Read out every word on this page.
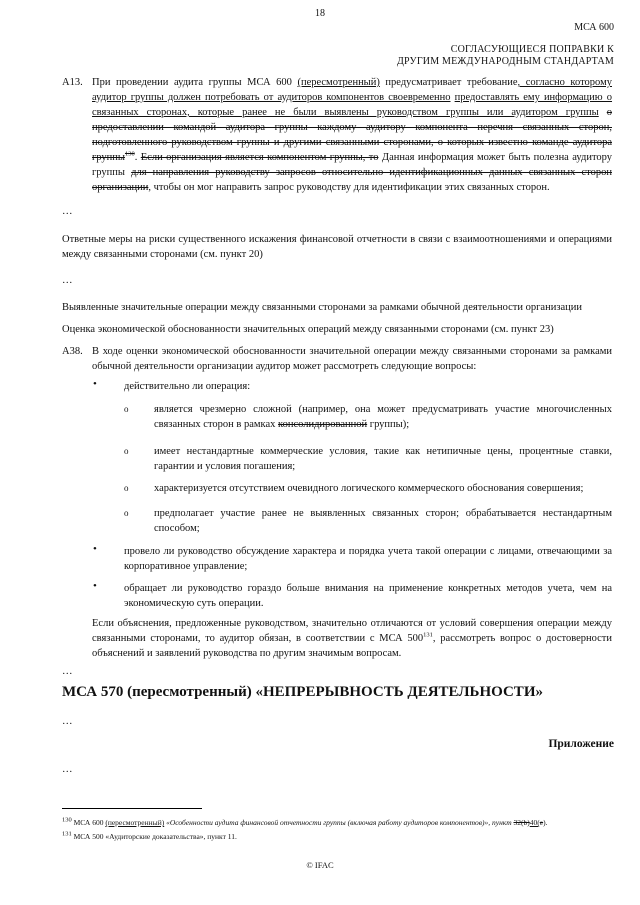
18
МСА 600
СОГЛАСУЮЩИЕСЯ ПОПРАВКИ К
ДРУГИМ МЕЖДУНАРОДНЫМ СТАНДАРТАМ
A13. При проведении аудита группы МСА 600 (пересмотренный) предусматривает требование, согласно которому аудитор группы должен потребовать от аудиторов компонентов своевременно предоставлять ему информацию о связанных сторонах, которые ранее не были выявлены руководством группы или аудитором группы о предоставлении командой аудитора группы каждому аудитору компонента перечня связанных сторон, подготовленного руководством группы и другими связанными сторонами, о которых известно команде аудитора группы$^{130}$. Если организация является компонентом группы, то Данная информация может быть полезна аудитору группы для направления руководству запросов относительно идентификационных данных связанных сторон организации, чтобы он мог направить запрос руководству для идентификации этих связанных сторон.
…
Ответные меры на риски существенного искажения финансовой отчетности в связи с взаимоотношениями и операциями между связанными сторонами (см. пункт 20)
…
Выявленные значительные операции между связанными сторонами за рамками обычной деятельности организации
Оценка экономической обоснованности значительных операций между связанными сторонами (см. пункт 23)
A38. В ходе оценки экономической обоснованности значительной операции между связанными сторонами за рамками обычной деятельности организации аудитор может рассмотреть следующие вопросы:
•	действительно ли операция:
o является чрезмерно сложной (например, она может предусматривать участие многочисленных связанных сторон в рамках консолидированной группы);
o имеет нестандартные коммерческие условия, такие как нетипичные цены, процентные ставки, гарантии и условия погашения;
o характеризуется отсутствием очевидного логического коммерческого обоснования совершения;
o предполагает участие ранее не выявленных связанных сторон; обрабатывается нестандартным способом;
•	провело ли руководство обсуждение характера и порядка учета такой операции с лицами, отвечающими за корпоративное управление;
•	обращает ли руководство гораздо больше внимания на применение конкретных методов учета, чем на экономическую суть операции.
Если объяснения, предложенные руководством, значительно отличаются от условий совершения операции между связанными сторонами, то аудитор обязан, в соответствии с МСА $500^{131}$, рассмотреть вопрос о достоверности объяснений и заявлений руководства по другим значимым вопросам.
…
МСА 570 (пересмотренный) «НЕПРЕРЫВНОСТЬ ДЕЯТЕЛЬНОСТИ»
…
Приложение
…
$^{130}$ МСА 600 (пересмотренный) «Особенности аудита финансовой отчетности группы (включая работу аудиторов компонентов)», пункт 32(b)40(e).
$^{131}$ МСА 500 «Аудиторские доказательства», пункт 11.
© IFAC
